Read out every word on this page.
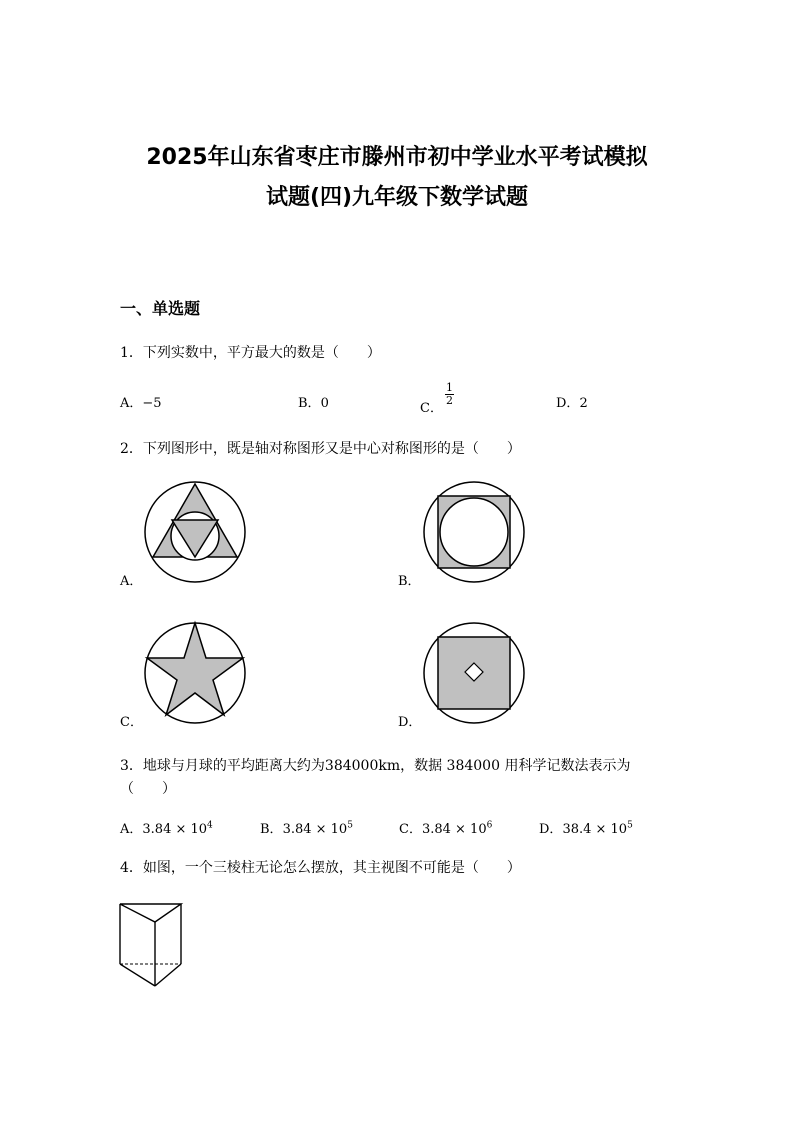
2025年山东省枣庄市滕州市初中学业水平考试模拟
试题(四)九年级下数学试题
一、单选题
1．下列实数中，平方最大的数是（　　）
A．−5	B．0	C．
$\frac{1}{2}$	D．2
2．下列图形中，既是轴对称图形又是中心对称图形的是（　　）
A．	B．
C．	D．
3．地球与月球的平均距离大约为384000km，数据 384000 用科学记数法表示为
（　　）
A．$3.84 \times 10^4$	B．$3.84 \times 10^5$	C．$3.84 \times 10^6$	D．$38.4 \times 10^5$
4．如图，一个三棱柱无论怎么摆放，其主视图不可能是（　　）
